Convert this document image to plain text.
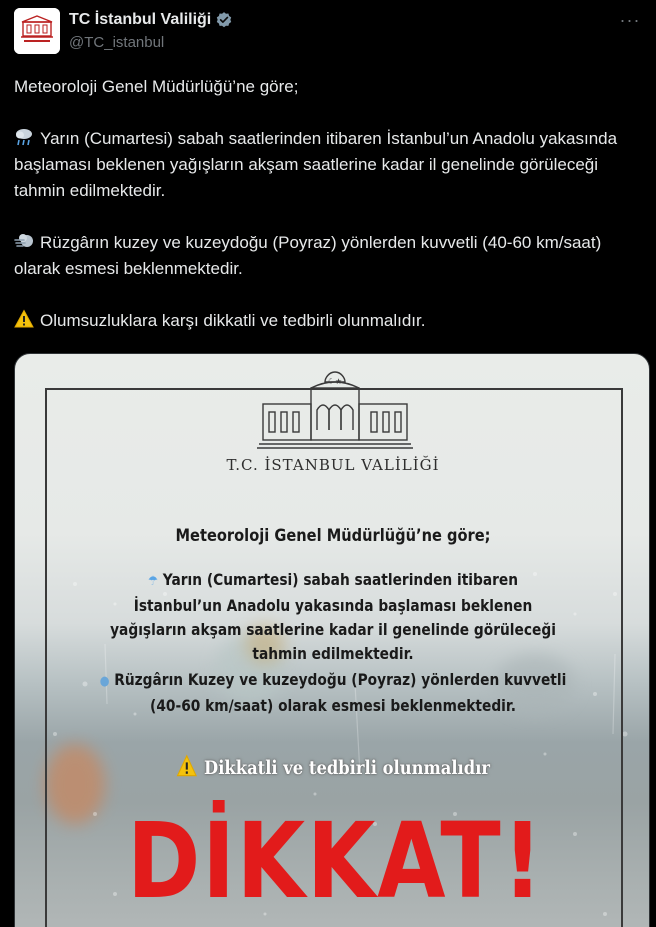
TC İstanbul Valiliği
@TC_istanbul
···

Meteoroloji Genel Müdürlüğü’ne göre;

Yarın (Cumartesi) sabah saatlerinden itibaren İstanbul’un Anadolu yakasında başlaması beklenen yağışların akşam saatlerine kadar il genelinde görüleceği tahmin edilmektedir.

Rüzgârın kuzey ve kuzeydoğu (Poyraz) yönlerden kuvvetli (40-60 km/saat) olarak esmesi beklenmektedir.

Olumsuzluklara karşı dikkatli ve tedbirli olunmalıdır.

☾★
T.C. İSTANBUL VALİLİĞİ
Meteoroloji Genel Müdürlüğü’ne göre;
☂ Yarın (Cumartesi) sabah saatlerinden itibaren İstanbul’un Anadolu yakasında başlaması beklenen yağışların akşam saatlerine kadar il genelinde görüleceği tahmin edilmektedir.
● Rüzgârın Kuzey ve kuzeydoğu (Poyraz) yönlerden kuvvetli (40-60 km/saat) olarak esmesi beklenmektedir.
Dikkatli ve tedbirli olunmalıdır
DİKKAT!
